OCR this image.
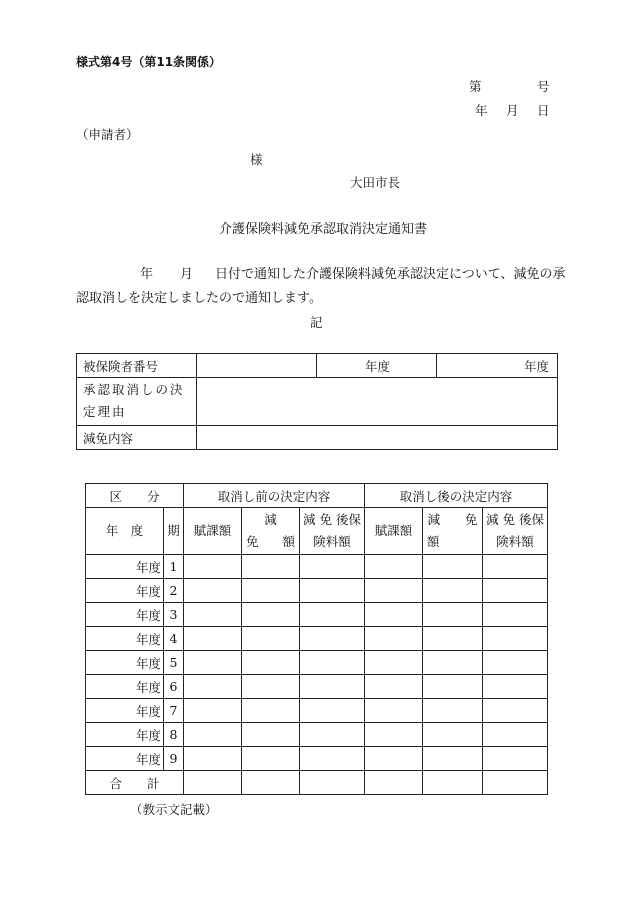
様式第4号（第11条関係）
第	号
年 月 日
（申請者）
様
大田市長
介護保険料減免承認取消決定通知書
年 月 日付で通知した介護保険料減免承認決定について、減免の承
認取消しを決定しましたので通知します。
記
被保険者番号		年度	年度
承認取消しの決定理由			
減免内容			
区　　分		取消し前の決定内容			取消し後の決定内容		
年　度	期	賦課額	減　　免額	減 免 後保険料額	賦課額	減　　免額	減 免 後保険料額
年度	1						
年度	2						
年度	3						
年度	4						
年度	5						
年度	6						
年度	7						
年度	8						
年度	9						
合　　計							
（教示文記載）
